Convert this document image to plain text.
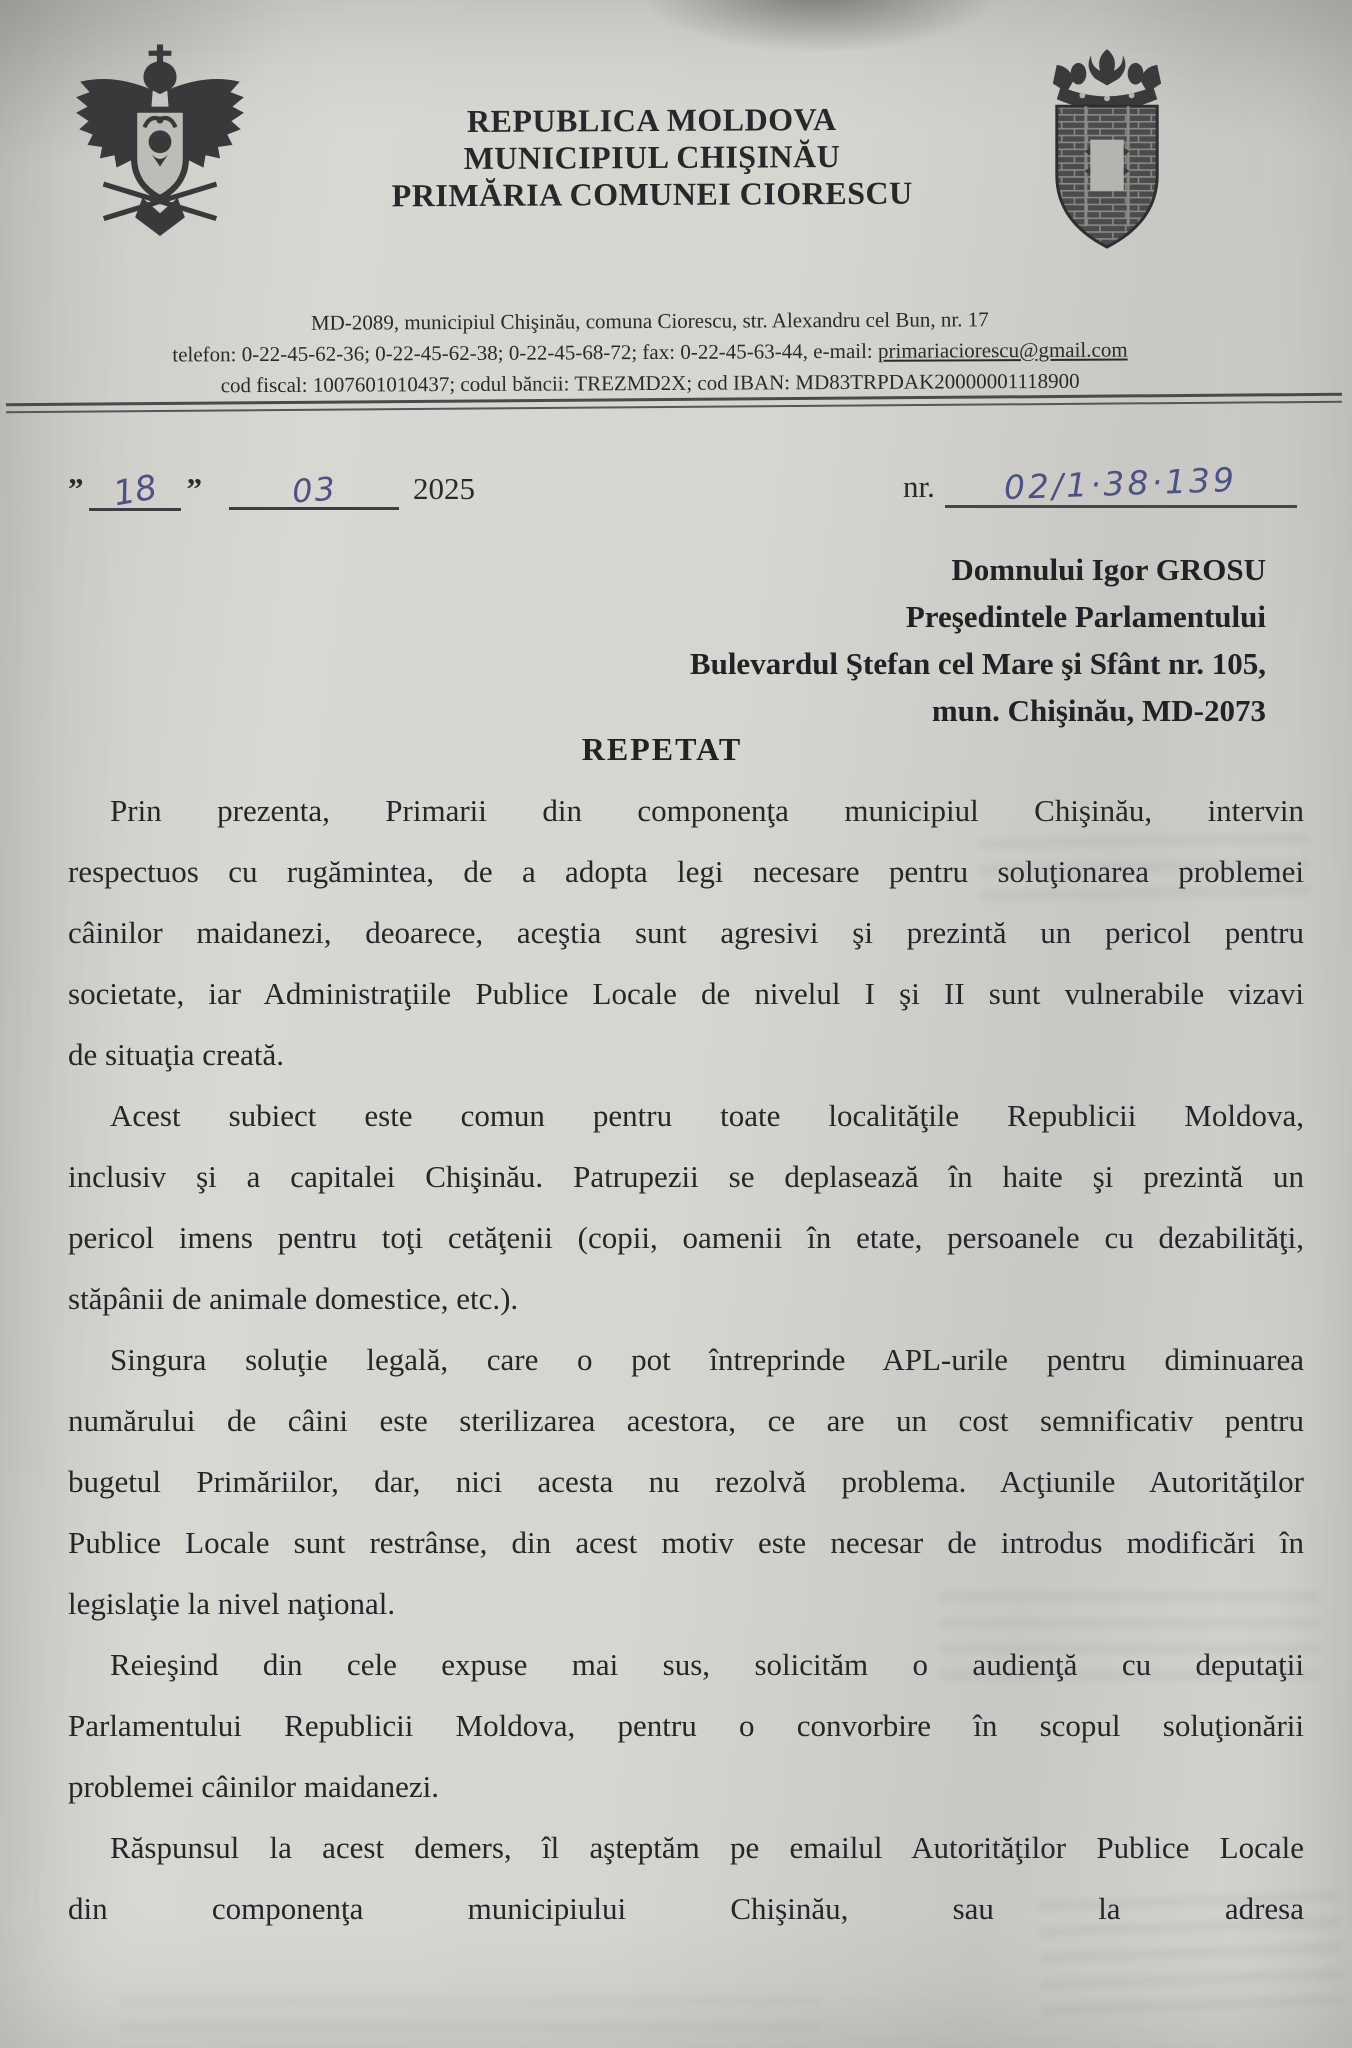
REPUBLICA MOLDOVA
MUNICIPIUL CHIŞINĂU
PRIMĂRIA COMUNEI CIORESCU
MD-2089, municipiul Chişinău, comuna Ciorescu, str. Alexandru cel Bun, nr. 17
telefon: 0-22-45-62-36; 0-22-45-62-38; 0-22-45-68-72; fax: 0-22-45-63-44, e-mail: primariaciorescu@gmail.com
cod fiscal: 1007601010437; codul băncii: TREZMD2X; cod IBAN: MD83TRPDAK20000001118900
” 18 ”	03 2025	nr. 02/1·38·139
Domnului Igor GROSU
Preşedintele Parlamentului
Bulevardul Ştefan cel Mare şi Sfânt nr. 105,
mun. Chişinău, MD-2073
REPETAT
Prin prezenta, Primarii din componenţa municipiul Chişinău, intervin
respectuos cu rugămintea, de a adopta legi necesare pentru soluţionarea problemei
câinilor maidanezi, deoarece, aceştia sunt agresivi şi prezintă un pericol pentru
societate, iar Administraţiile Publice Locale de nivelul I şi II sunt vulnerabile vizavi
de situaţia creată.
Acest subiect este comun pentru toate localităţile Republicii Moldova,
inclusiv şi a capitalei Chişinău. Patrupezii se deplasează în haite şi prezintă un
pericol imens pentru toţi cetăţenii (copii, oamenii în etate, persoanele cu dezabilităţi,
stăpânii de animale domestice, etc.).
Singura soluţie legală, care o pot întreprinde APL-urile pentru diminuarea
numărului de câini este sterilizarea acestora, ce are un cost semnificativ pentru
bugetul Primăriilor, dar, nici acesta nu rezolvă problema. Acţiunile Autorităţilor
Publice Locale sunt restrânse, din acest motiv este necesar de introdus modificări în
legislaţie la nivel naţional.
Reieşind din cele expuse mai sus, solicităm o audienţă cu deputaţii
Parlamentului Republicii Moldova, pentru o convorbire în scopul soluţionării
problemei câinilor maidanezi.
Răspunsul la acest demers, îl aşteptăm pe emailul Autorităţilor Publice Locale
din componenţa municipiului Chişinău, sau la adresa
